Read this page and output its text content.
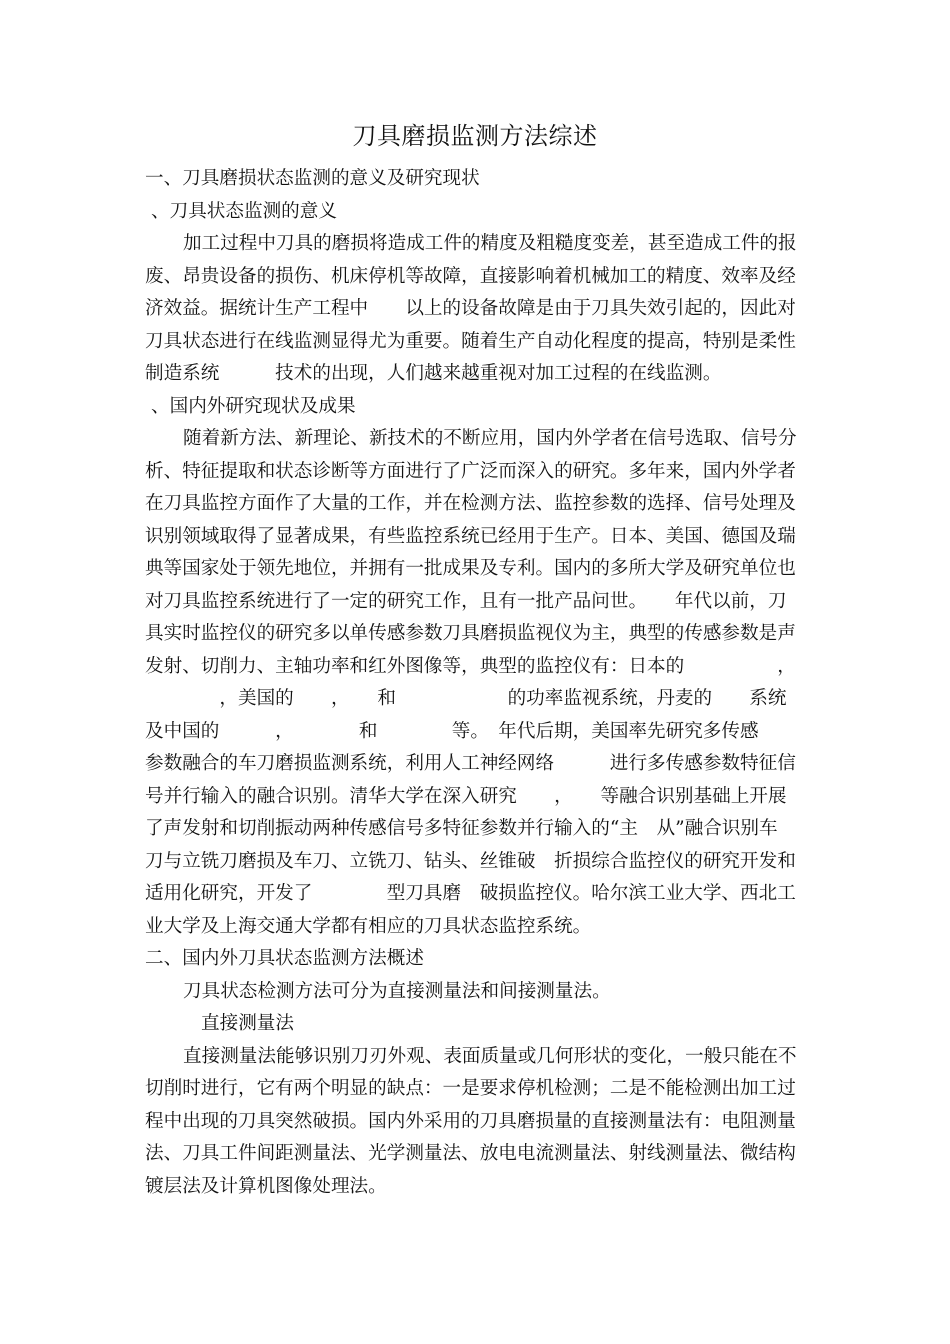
刀具磨损监测方法综述
一、刀具磨损状态监测的意义及研究现状
、刀具状态监测的意义
加工过程中刀具的磨损将造成工件的精度及粗糙度变差，甚至造成工件的报
废、昂贵设备的损伤、机床停机等故障，直接影响着机械加工的精度、效率及经
济效益。据统计生产工程中　　以上的设备故障是由于刀具失效引起的，因此对
刀具状态进行在线监测显得尤为重要。随着生产自动化程度的提高，特别是柔性
制造系统　　　技术的出现，人们越来越重视对加工过程的在线监测。
、国内外研究现状及成果
随着新方法、新理论、新技术的不断应用，国内外学者在信号选取、信号分
析、特征提取和状态诊断等方面进行了广泛而深入的研究。多年来，国内外学者
在刀具监控方面作了大量的工作，并在检测方法、监控参数的选择、信号处理及
识别领域取得了显著成果，有些监控系统已经用于生产。日本、美国、德国及瑞
典等国家处于领先地位，并拥有一批成果及专利。国内的多所大学及研究单位也
对刀具监控系统进行了一定的研究工作，且有一批产品问世。　　年代以前，刀
具实时监控仪的研究多以单传感参数刀具磨损监视仪为主，典型的传感参数是声
发射、切削力、主轴功率和红外图像等，典型的监控仪有：日本的　　　　　，
　　　　，美国的　　，　　和　　　　　　的功率监视系统，丹麦的　　系统
及中国的　　　，　　　　和　　　　等。　年代后期，美国率先研究多传感
参数融合的车刀磨损监测系统，利用人工神经网络　　　进行多传感参数特征信
号并行输入的融合识别。清华大学在深入研究　　，　　等融合识别基础上开展
了声发射和切削振动两种传感信号多特征参数并行输入的“主　从”融合识别车
刀与立铣刀磨损及车刀、立铣刀、钻头、丝锥破　折损综合监控仪的研究开发和
适用化研究，开发了　　　　型刀具磨　破损监控仪。哈尔滨工业大学、西北工
业大学及上海交通大学都有相应的刀具状态监控系统。
二、国内外刀具状态监测方法概述
刀具状态检测方法可分为直接测量法和间接测量法。
直接测量法
直接测量法能够识别刀刃外观、表面质量或几何形状的变化，一般只能在不
切削时进行，它有两个明显的缺点：一是要求停机检测；二是不能检测出加工过
程中出现的刀具突然破损。国内外采用的刀具磨损量的直接测量法有：电阻测量
法、刀具工件间距测量法、光学测量法、放电电流测量法、射线测量法、微结构
镀层法及计算机图像处理法。
